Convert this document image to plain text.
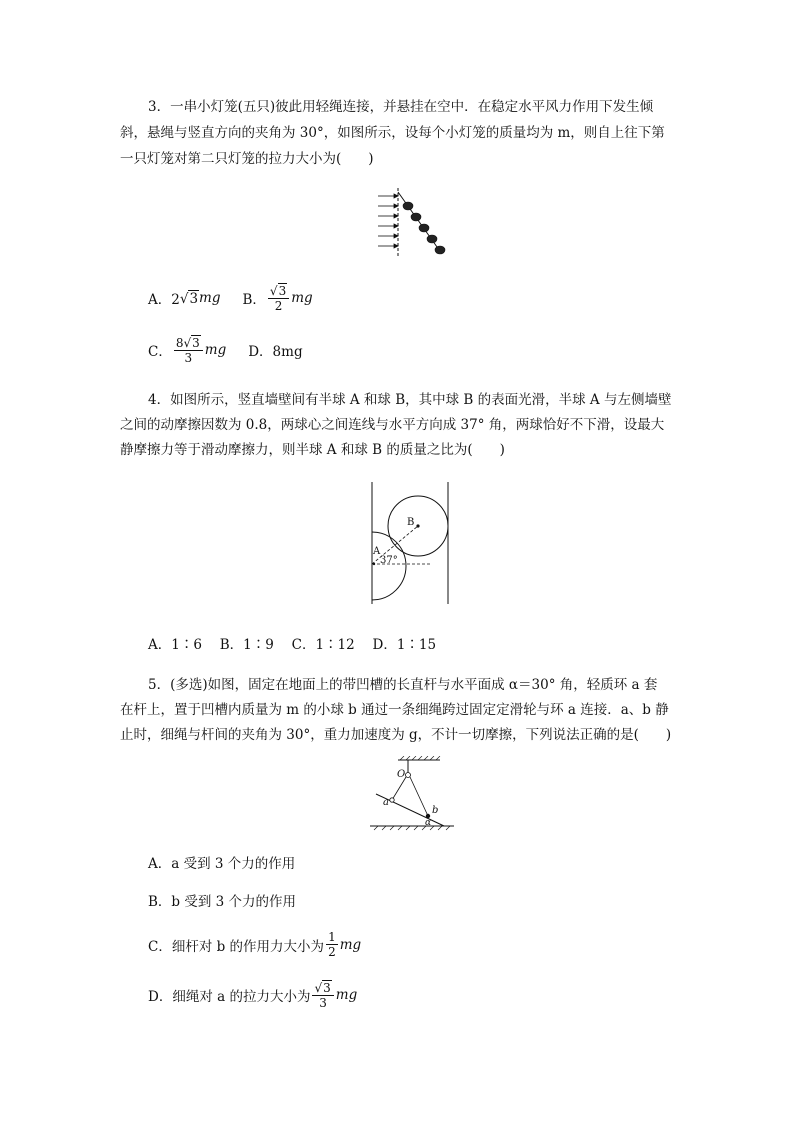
3．一串小灯笼(五只)彼此用轻绳连接，并悬挂在空中．在稳定水平风力作用下发生倾
斜，悬绳与竖直方向的夹角为 30°，如图所示，设每个小灯笼的质量均为 m，则自上往下第
一只灯笼对第二只灯笼的拉力大小为(　　)
A．2 √ 3 mg B． $\frac{√ 3}{2}$ mg
C． $\frac{8 √ 3}{3}$ mg D．8mg
4．如图所示，竖直墙壁间有半球 A 和球 B，其中球 B 的表面光滑，半球 A 与左侧墙壁
之间的动摩擦因数为 0.8，两球心之间连线与水平方向成 37° 角，两球恰好不下滑，设最大
静摩擦力等于滑动摩擦力，则半球 A 和球 B 的质量之比为(　　)
B
A
37°
A．1∶6　 B．1∶9　 C．1∶12　 D．1∶15
5．(多选)如图，固定在地面上的带凹槽的长直杆与水平面成 α＝30° 角，轻质环 a 套
在杆上，置于凹槽内质量为 m 的小球 b 通过一条细绳跨过固定定滑轮与环 a 连接．a、b 静
止时，细绳与杆间的夹角为 30°，重力加速度为 g，不计一切摩擦，下列说法正确的是(　　)
O
a
b
α
A．a 受到 3 个力的作用
B．b 受到 3 个力的作用
C．细杆对 b 的作用力大小为 $\frac{1}{2}$ mg
D．细绳对 a 的拉力大小为 $\frac{√ 3}{3}$ mg
